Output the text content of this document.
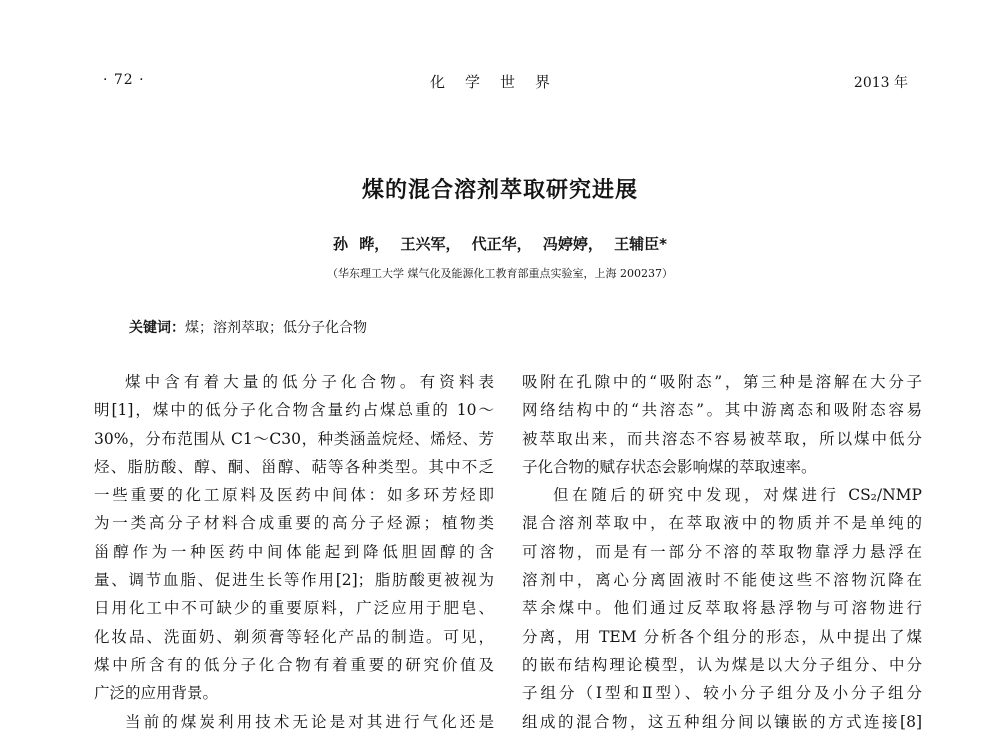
· 72 ·	化学世界	2013 年
煤的混合溶剂萃取研究进展
孙 晔， 王兴军， 代正华， 冯婷婷， 王辅臣*
（华东理工大学 煤气化及能源化工教育部重点实验室，上海 200237）
关键词：煤；溶剂萃取；低分子化合物
煤中含有着大量的低分子化合物。有资料表
明[1]，煤中的低分子化合物含量约占煤总重的 10～
30%，分布范围从 C1～C30，种类涵盖烷烃、烯烃、芳
烃、脂肪酸、醇、酮、甾醇、萜等各种类型。其中不乏
一些重要的化工原料及医药中间体：如多环芳烃即
为一类高分子材料合成重要的高分子烃源；植物类
甾醇作为一种医药中间体能起到降低胆固醇的含
量、调节血脂、促进生长等作用[2]；脂肪酸更被视为
日用化工中不可缺少的重要原料，广泛应用于肥皂、
化妆品、洗面奶、剃须膏等轻化产品的制造。可见，
煤中所含有的低分子化合物有着重要的研究价值及
广泛的应用背景。
当前的煤炭利用技术无论是对其进行气化还是
吸附在孔隙中的“吸附态”，第三种是溶解在大分子
网络结构中的“共溶态”。其中游离态和吸附态容易
被萃取出来，而共溶态不容易被萃取，所以煤中低分
子化合物的赋存状态会影响煤的萃取速率。
但在随后的研究中发现，对煤进行 CS₂/NMP
混合溶剂萃取中，在萃取液中的物质并不是单纯的
可溶物，而是有一部分不溶的萃取物靠浮力悬浮在
溶剂中，离心分离固液时不能使这些不溶物沉降在
萃余煤中。他们通过反萃取将悬浮物与可溶物进行
分离，用 TEM 分析各个组分的形态，从中提出了煤
的嵌布结构理论模型，认为煤是以大分子组分、中分
子组分（Ⅰ型和Ⅱ型）、较小分子组分及小分子组分
组成的混合物，这五种组分间以镶嵌的方式连接[8]
